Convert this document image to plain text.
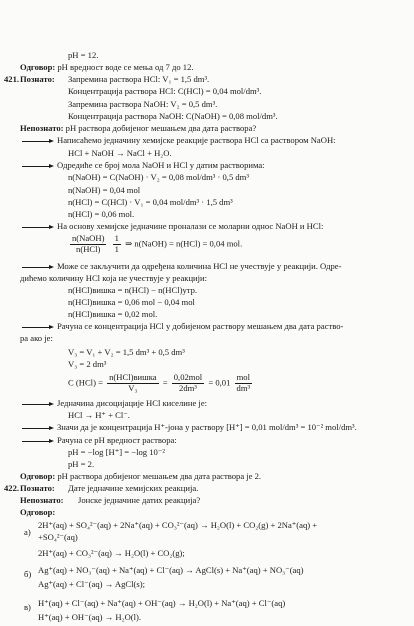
pH = 12.
Одговор: pH вредност воде се мења од 7 до 12.
421. Познато: Запремина раствора HCl: V₁ = 1,5 dm³.
Концентрација раствора HCl: C(HCl) = 0,04 mol/dm³.
Запремина раствора NaOH: V₂ = 0,5 dm³.
Концентрација раствора NaOH: C(NaOH) = 0,08 mol/dm³.
Непознато: pH раствора добијеног мешањем два дата раствора?
Написаћемо једначину хемијске реакције раствора HCl са раствором NaOH:
HCl + NaOH → NaCl + H₂O.
Одредиће се број мола NaOH и HCl у датим растворима:
n(NaOH) = C(NaOH) · V₂ = 0,08 mol/dm³ · 0,5 dm³
n(NaOH) = 0,04 mol
n(HCl) = C(HCl) · V₁ = 0,04 mol/dm³ · 1,5 dm³
n(HCl) = 0,06 mol.
На основу хемијске једначине проналази се моларни однос NaOH и HCl:
$\frac{\text{n(NaOH)}}{\text{n(HCl)}}$
$\frac{1}{1}$ ⇒ n(NaOH) = n(HCl) = 0,04 mol.
Може се закључити да одређена количина HCl не учествује у реакцији. Одре-
дићемо количину HCl која не учествује у реакцији:
n(HCl)вишка = n(HCl) − n(HCl)утр.
n(HCl)вишка = 0,06 mol − 0,04 mol
n(HCl)вишка = 0,02 mol.
Рачуна се концентрација HCl у добијеном раствору мешањем два дата раство-
ра ако је:
V₃ = V₁ + V₂ = 1,5 dm³ + 0,5 dm³
V₃ = 2 dm³
C $(HCl) = \frac{\text{n(HCl)вишка}}{\text{V₃}} = \frac{\text{0,02mol}}{\text{2dm³}} = 0,01 \frac{\text{mol}}{\text{dm³}}$
Једначина дисоцијације HCl киселине је:
HCl → H⁺ + Cl⁻.
Значи да је концентрација H⁺-јона у раствору [H⁺] = 0,01 mol/dm³ = 10⁻² mol/dm³.
Рачуна се pH вредност раствора:
pH = −log [H⁺] = −log 10⁻²
pH = 2.
Одговор: pH раствора добијеног мешањем два дата раствора је 2.
422. Познато: Дате једначине хемијских реакција.
Непознато: Јонске једначине датих реакција?
Одговор:
а)
2H⁺(aq) + SO₄²⁻(aq) + 2Na⁺(aq) + CO₃²⁻(aq) → H₂O(l) + CO₂(g) + 2Na⁺(aq) +
+SO₄²⁻(aq)
2H⁺(aq) + CO₃²⁻(aq) → H₂O(l) + CO₂(g);
б) Ag⁺(aq) + NO₃⁻(aq) + Na⁺(aq) + Cl⁻(aq) → AgCl(s) + Na⁺(aq) + NO₃⁻(aq)
Ag⁺(aq) + Cl⁻(aq) → AgCl(s);
в) H⁺(aq) + Cl⁻(aq) + Na⁺(aq) + OH⁻(aq) → H₂O(l) + Na⁺(aq) + Cl⁻(aq)
H⁺(aq) + OH⁻(aq) → H₂O(l).
